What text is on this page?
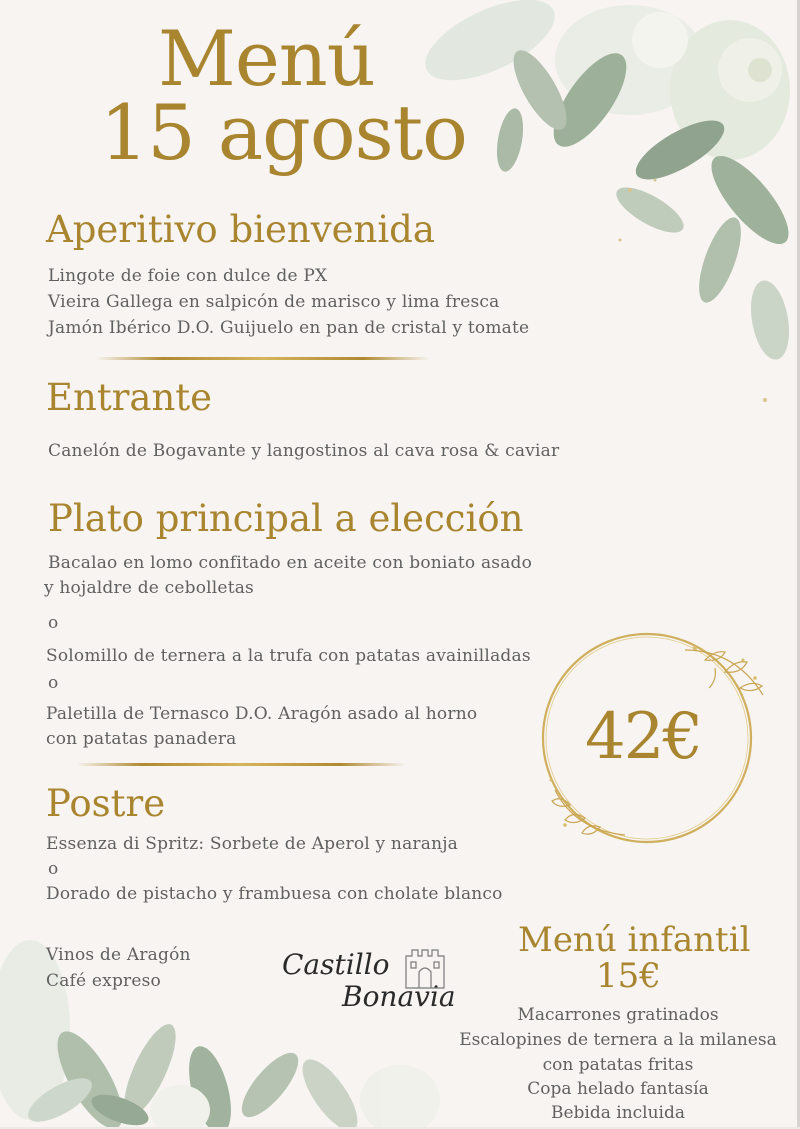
Menú
15 agosto
Aperitivo bienvenida
Lingote de foie con dulce de PX
Vieira Gallega en salpicón de marisco y lima fresca
Jamón Ibérico D.O. Guijuelo en pan de cristal y tomate
Entrante
Canelón de Bogavante y langostinos al cava rosa & caviar
Plato principal a elección
Bacalao en lomo confitado en aceite con boniato asado
y hojaldre de cebolletas
o
Solomillo de ternera a la trufa con patatas avainilladas
o
Paletilla de Ternasco D.O. Aragón asado al horno
con patatas panadera
Postre
Essenza di Spritz: Sorbete de Aperol y naranja
o
Dorado de pistacho y frambuesa con cholate blanco
Vinos de Aragón
Café expreso
42€
Castillo
Bonavia
Menú infantil
15€
Macarrones gratinados
Escalopines de ternera a la milanesa
con patatas fritas
Copa helado fantasía
Bebida incluida
